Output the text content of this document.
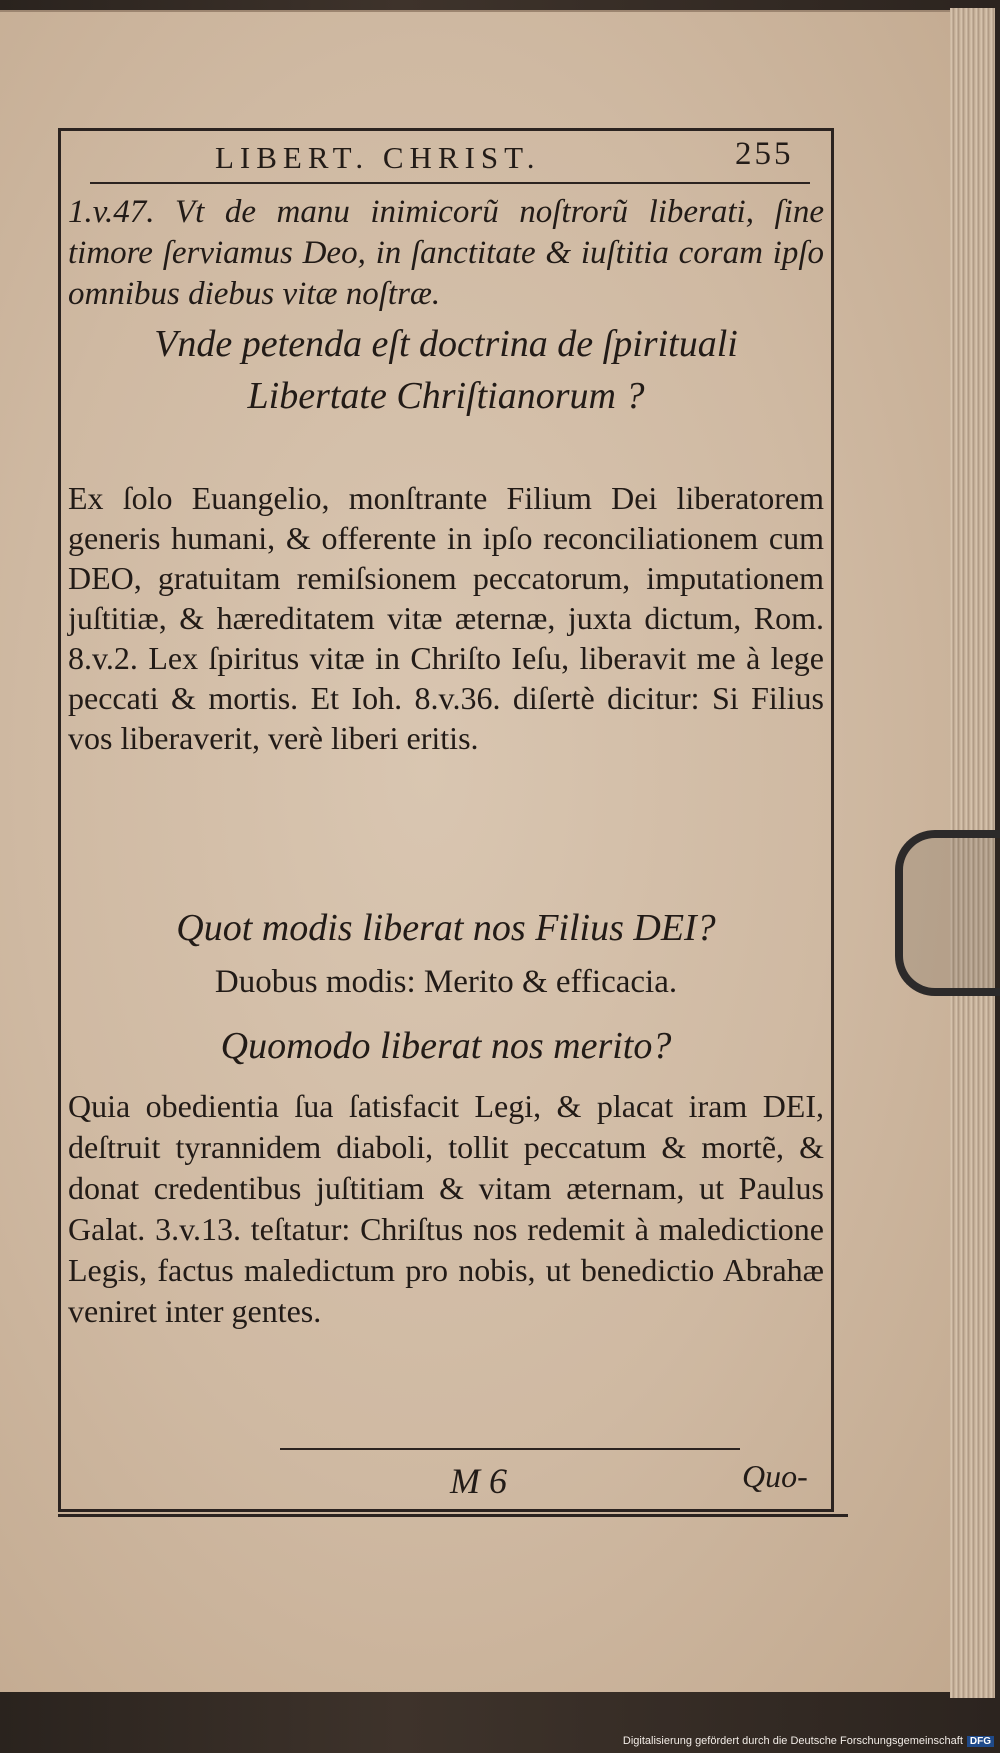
LIBERT. CHRIST.	255

1.v.47. Vt de manu inimicorũ noſtrorũ liberati, ſine timore ſerviamus Deo, in ſanctitate & iuſtitia coram ipſo omnibus diebus vitæ noſtræ.

Vnde petenda eſt doctrina de ſpirituali Libertate Chriſtianorum ?

Ex ſolo Euangelio, monſtrante Filium Dei liberatorem generis humani, & offerente in ipſo reconciliationem cum DEO, gratuitam remiſsionem peccatorum, imputationem juſtitiæ, & hæreditatem vitæ æternæ, juxta dictum, Rom. 8.v.2. Lex ſpiritus vitæ in Chriſto Ieſu, liberavit me à lege peccati & mortis. Et Ioh. 8.v.36. diſertè dicitur: Si Filius vos liberaverit, verè liberi eritis.

Quot modis liberat nos Filius DEI?

Duobus modis: Merito & efficacia.

Quomodo liberat nos merito?

Quia obedientia ſua ſatisfacit Legi, & placat iram DEI, deſtruit tyrannidem diaboli, tollit peccatum & mortẽ, & donat credentibus juſtitiam & vitam æternam, ut Paulus Galat. 3.v.13. teſtatur: Chriſtus nos redemit à maledictione Legis, factus maledictum pro nobis, ut benedictio Abrahæ veniret inter gentes.

M 6	Quo-
Digitalisierung gefördert durch die Deutsche Forschungsgemeinschaft DFG
